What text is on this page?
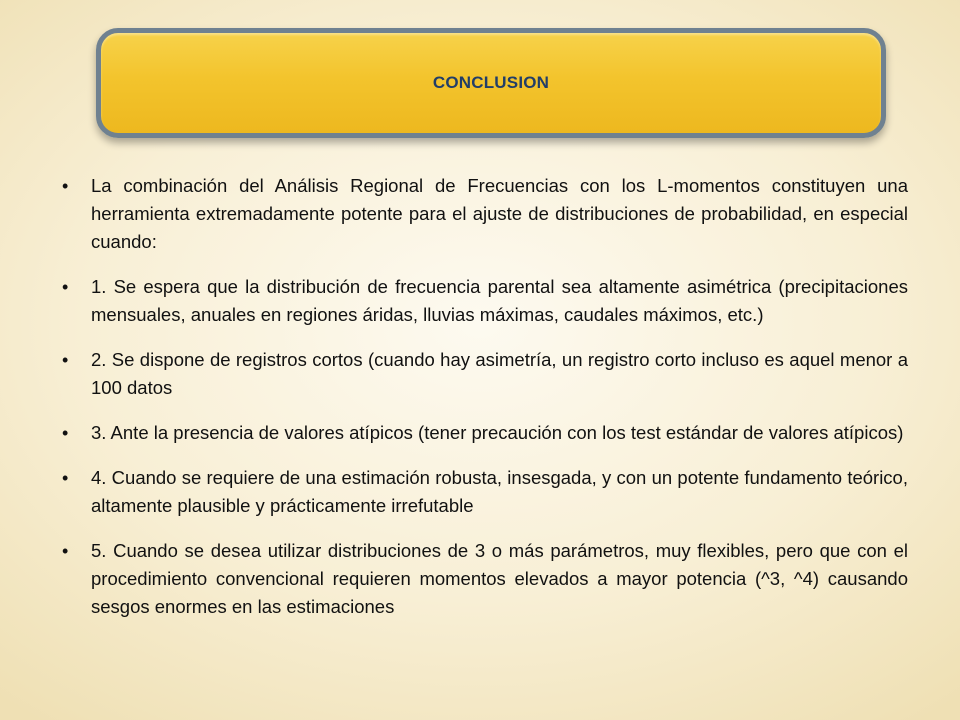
CONCLUSION
• La combinación del Análisis Regional de Frecuencias con los L-momentos constituyen una herramienta extremadamente potente para el ajuste de distribuciones de probabilidad, en especial cuando:
• 1. Se espera que la distribución de frecuencia parental sea altamente asimétrica (precipitaciones mensuales, anuales en regiones áridas, lluvias máximas, caudales máximos, etc.)
• 2. Se dispone de registros cortos (cuando hay asimetría, un registro corto incluso es aquel menor a 100 datos
• 3. Ante la presencia de valores atípicos (tener precaución con los test estándar de valores atípicos)
• 4. Cuando se requiere de una estimación robusta, insesgada, y con un potente fundamento teórico, altamente plausible y prácticamente irrefutable
• 5. Cuando se desea utilizar distribuciones de 3 o más parámetros, muy flexibles, pero que con el procedimiento convencional requieren momentos elevados a mayor potencia (^3, ^4) causando sesgos enormes en las estimaciones
